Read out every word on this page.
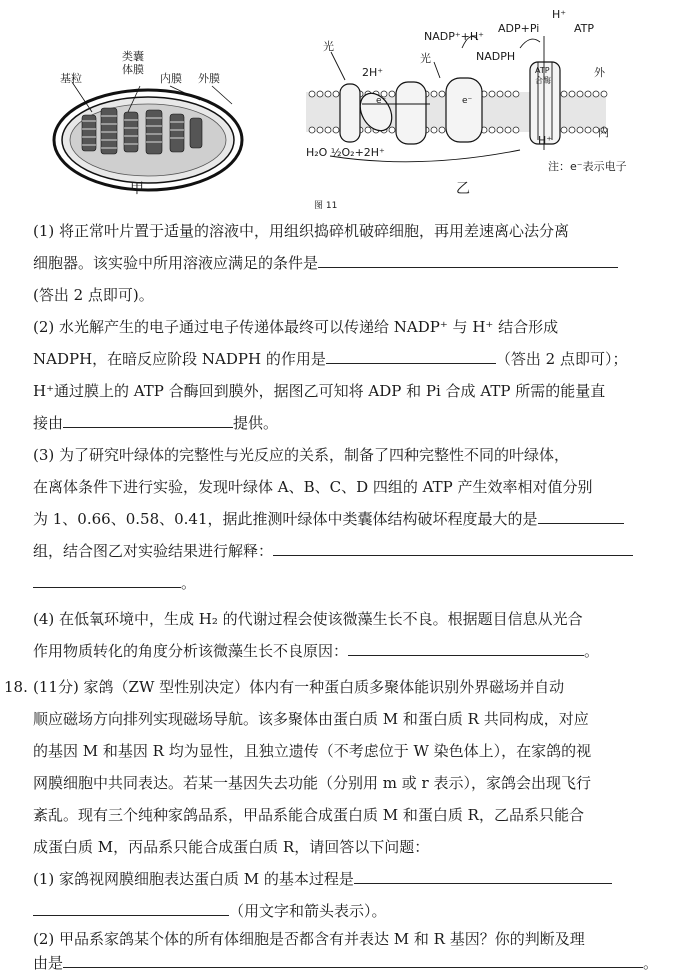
基粒
类囊
体膜
内膜 外膜
甲
光
2H⁺
光
NADP⁺+H⁺
NADPH
ADP+Pi	ATP
H⁺
ATP
合酶
外
内
H⁺
e⁻	e⁻
H₂O ½O₂+2H⁺
注：e⁻表示电子
乙
图 11
(1) 将正常叶片置于适量的溶液中，用组织捣碎机破碎细胞，再用差速离心法分离
细胞器。该实验中所用溶液应满足的条件是
(答出 2 点即可)。
(2) 水光解产生的电子通过电子传递体最终可以传递给 NADP⁺ 与 H⁺ 结合形成
NADPH，在暗反应阶段 NADPH 的作用是	（答出 2 点即可）；
H⁺通过膜上的 ATP 合酶回到膜外，据图乙可知将 ADP 和 Pi 合成 ATP 所需的能量直
接由	提供。
(3) 为了研究叶绿体的完整性与光反应的关系，制备了四种完整性不同的叶绿体，
在离体条件下进行实验，发现叶绿体 A、B、C、D 四组的 ATP 产生效率相对值分别
为 1、0.66、0.58、0.41，据此推测叶绿体中类囊体结构破坏程度最大的是
组，结合图乙对实验结果进行解释：
。
(4) 在低氧环境中，生成 H₂ 的代谢过程会使该微藻生长不良。根据题目信息从光合
作用物质转化的角度分析该微藻生长不良原因：	。
18. (11分) 家鸽（ZW 型性别决定）体内有一种蛋白质多聚体能识别外界磁场并自动
顺应磁场方向排列实现磁场导航。该多聚体由蛋白质 M 和蛋白质 R 共同构成，对应
的基因 M 和基因 R 均为显性，且独立遗传（不考虑位于 W 染色体上），在家鸽的视
网膜细胞中共同表达。若某一基因失去功能（分别用 m 或 r 表示），家鸽会出现飞行
紊乱。现有三个纯种家鸽品系，甲品系能合成蛋白质 M 和蛋白质 R，乙品系只能合
成蛋白质 M，丙品系只能合成蛋白质 R，请回答以下问题：
(1) 家鸽视网膜细胞表达蛋白质 M 的基本过程是
（用文字和箭头表示）。
(2) 甲品系家鸽某个体的所有体细胞是否都含有并表达 M 和 R 基因？你的判断及理
由是	。
